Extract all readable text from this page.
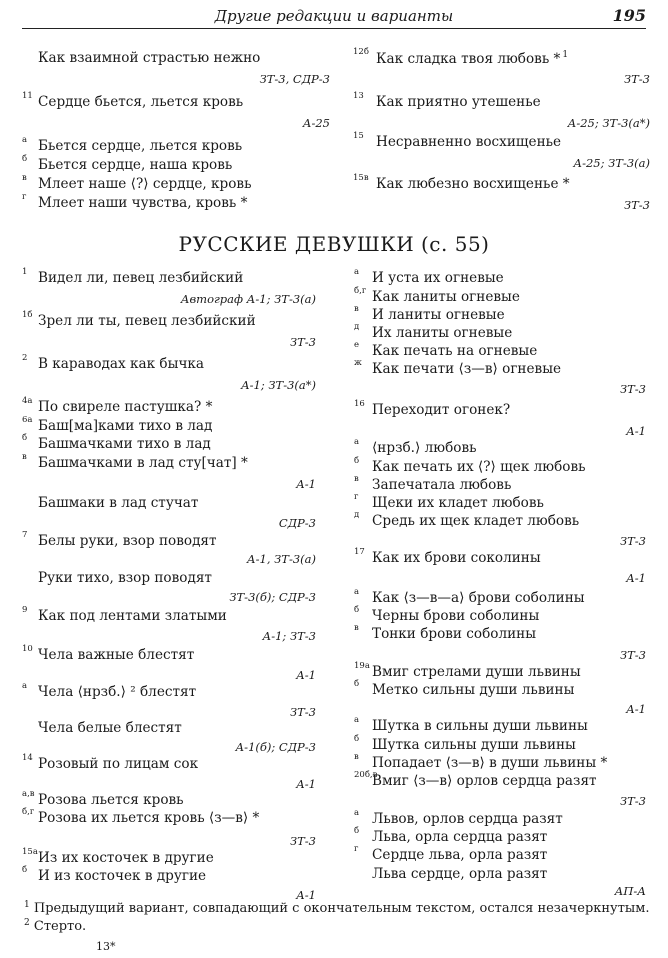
Другие редакции и варианты	195
Как взаимной страстью нежно
ЗТ-3, СДР-3
11 Сердце бьется, льется кровь
А-25
а Бьется сердце, льется кровь
б Бьется сердце, наша кровь
в Млеет наше ⟨?⟩ сердце, кровь
г Млеет наши чувства, кровь *
12б Как сладка твоя любовь * $^1$
ЗТ-3
13 Как приятно утешенье
А-25; ЗТ-3(а*)
15 Несравненно восхищенье
А-25; ЗТ-3(а)
15в Как любезно восхищенье *
ЗТ-3
1 Видел ли, певец лезбийский
Автограф А-1; ЗТ-3(а)
1б Зрел ли ты, певец лезбийский
ЗТ-3
2 В караводах как бычка
А-1; ЗТ-3(а*)
4а По свиреле пастушка? *
6а Баш[ма]ками тихо в лад
б Башмачками тихо в лад
в Башмачками в лад сту[чат] *
А-1
Башмаки в лад стучат
СДР-3
7 Белы руки, взор поводят
А-1, ЗТ-3(а)
Руки тихо, взор поводят
ЗТ-3(б); СДР-3
9 Как под лентами златыми
А-1; ЗТ-3
10 Чела важные блестят
А-1
а Чела ⟨нрзб.⟩ ² блестят
ЗТ-3
Чела белые блестят
А-1(б); СДР-3
14 Розовый по лицам сок
А-1
а,в Розова льется кровь
б,г Розова их льется кровь ⟨з—в⟩ *
ЗТ-3
15а Из их косточек в другие
б И из косточек в другие
А-1
а И уста их огневые
б,г Как ланиты огневые
в И ланиты огневые
д Их ланиты огневые
е Как печать на огневые
ж Как печати ⟨з—в⟩ огневые
ЗТ-3
16 Переходит огонек?
А-1
а ⟨нрзб.⟩ любовь
б Как печать их ⟨?⟩ щек любовь
в Запечатала любовь
г Щеки их кладет любовь
д Средь их щек кладет любовь
ЗТ-3
17 Как их брови соколины
А-1
а Как ⟨з—в—а⟩ брови соболины
б Черны брови соболины
в Тонки брови соболины
ЗТ-3
19а Вмиг стрелами души львины
б Метко сильны души львины
А-1
а Шутка в сильны души львины
б Шутка сильны души львины
в Попадает ⟨з—в⟩ в души львины *
20б,в
Вмиг ⟨з—в⟩ орлов сердца разят
ЗТ-3
а Львов, орлов сердца разят
б Льва, орла сердца разят
г Сердце льва, орла разят
Льва сердце, орла разят
АП-А
РУССКИЕ ДЕВУШКИ (с. 55)
$^1$ Предыдущий вариант, совпадающий с окончательным текстом, остался незачеркнутым.
$^2$ Стерто.
13*
